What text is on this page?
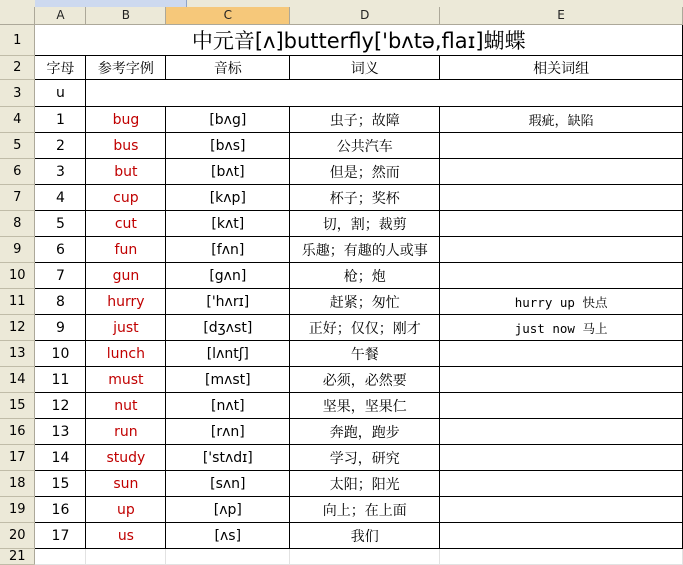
	A	B	C	D	E
1	中元音[ʌ]butterfly['bʌtə,flaɪ]蝴蝶				
2	字母	参考字例	音标	词义	相关词组
3	u				
4	1	bug	[bʌg]	虫子；故障	瑕疵，缺陷
5	2	bus	[bʌs]	公共汽车	
6	3	but	[bʌt]	但是；然而	
7	4	cup	[kʌp]	杯子；奖杯	
8	5	cut	[kʌt]	切，割；裁剪	
9	6	fun	[fʌn]	乐趣；有趣的人或事	
10	7	gun	[gʌn]	枪；炮	
11	8	hurry	['hʌrɪ]	赶紧；匆忙	hurry up 快点
12	9	just	[dʒʌst]	正好；仅仅；刚才	just now 马上
13	10	lunch	[lʌntʃ]	午餐	
14	11	must	[mʌst]	必须，必然要	
15	12	nut	[nʌt]	坚果，坚果仁	
16	13	run	[rʌn]	奔跑，跑步	
17	14	study	['stʌdɪ]	学习，研究	
18	15	sun	[sʌn]	太阳；阳光	
19	16	up	[ʌp]	向上；在上面	
20	17	us	[ʌs]	我们	
21					
